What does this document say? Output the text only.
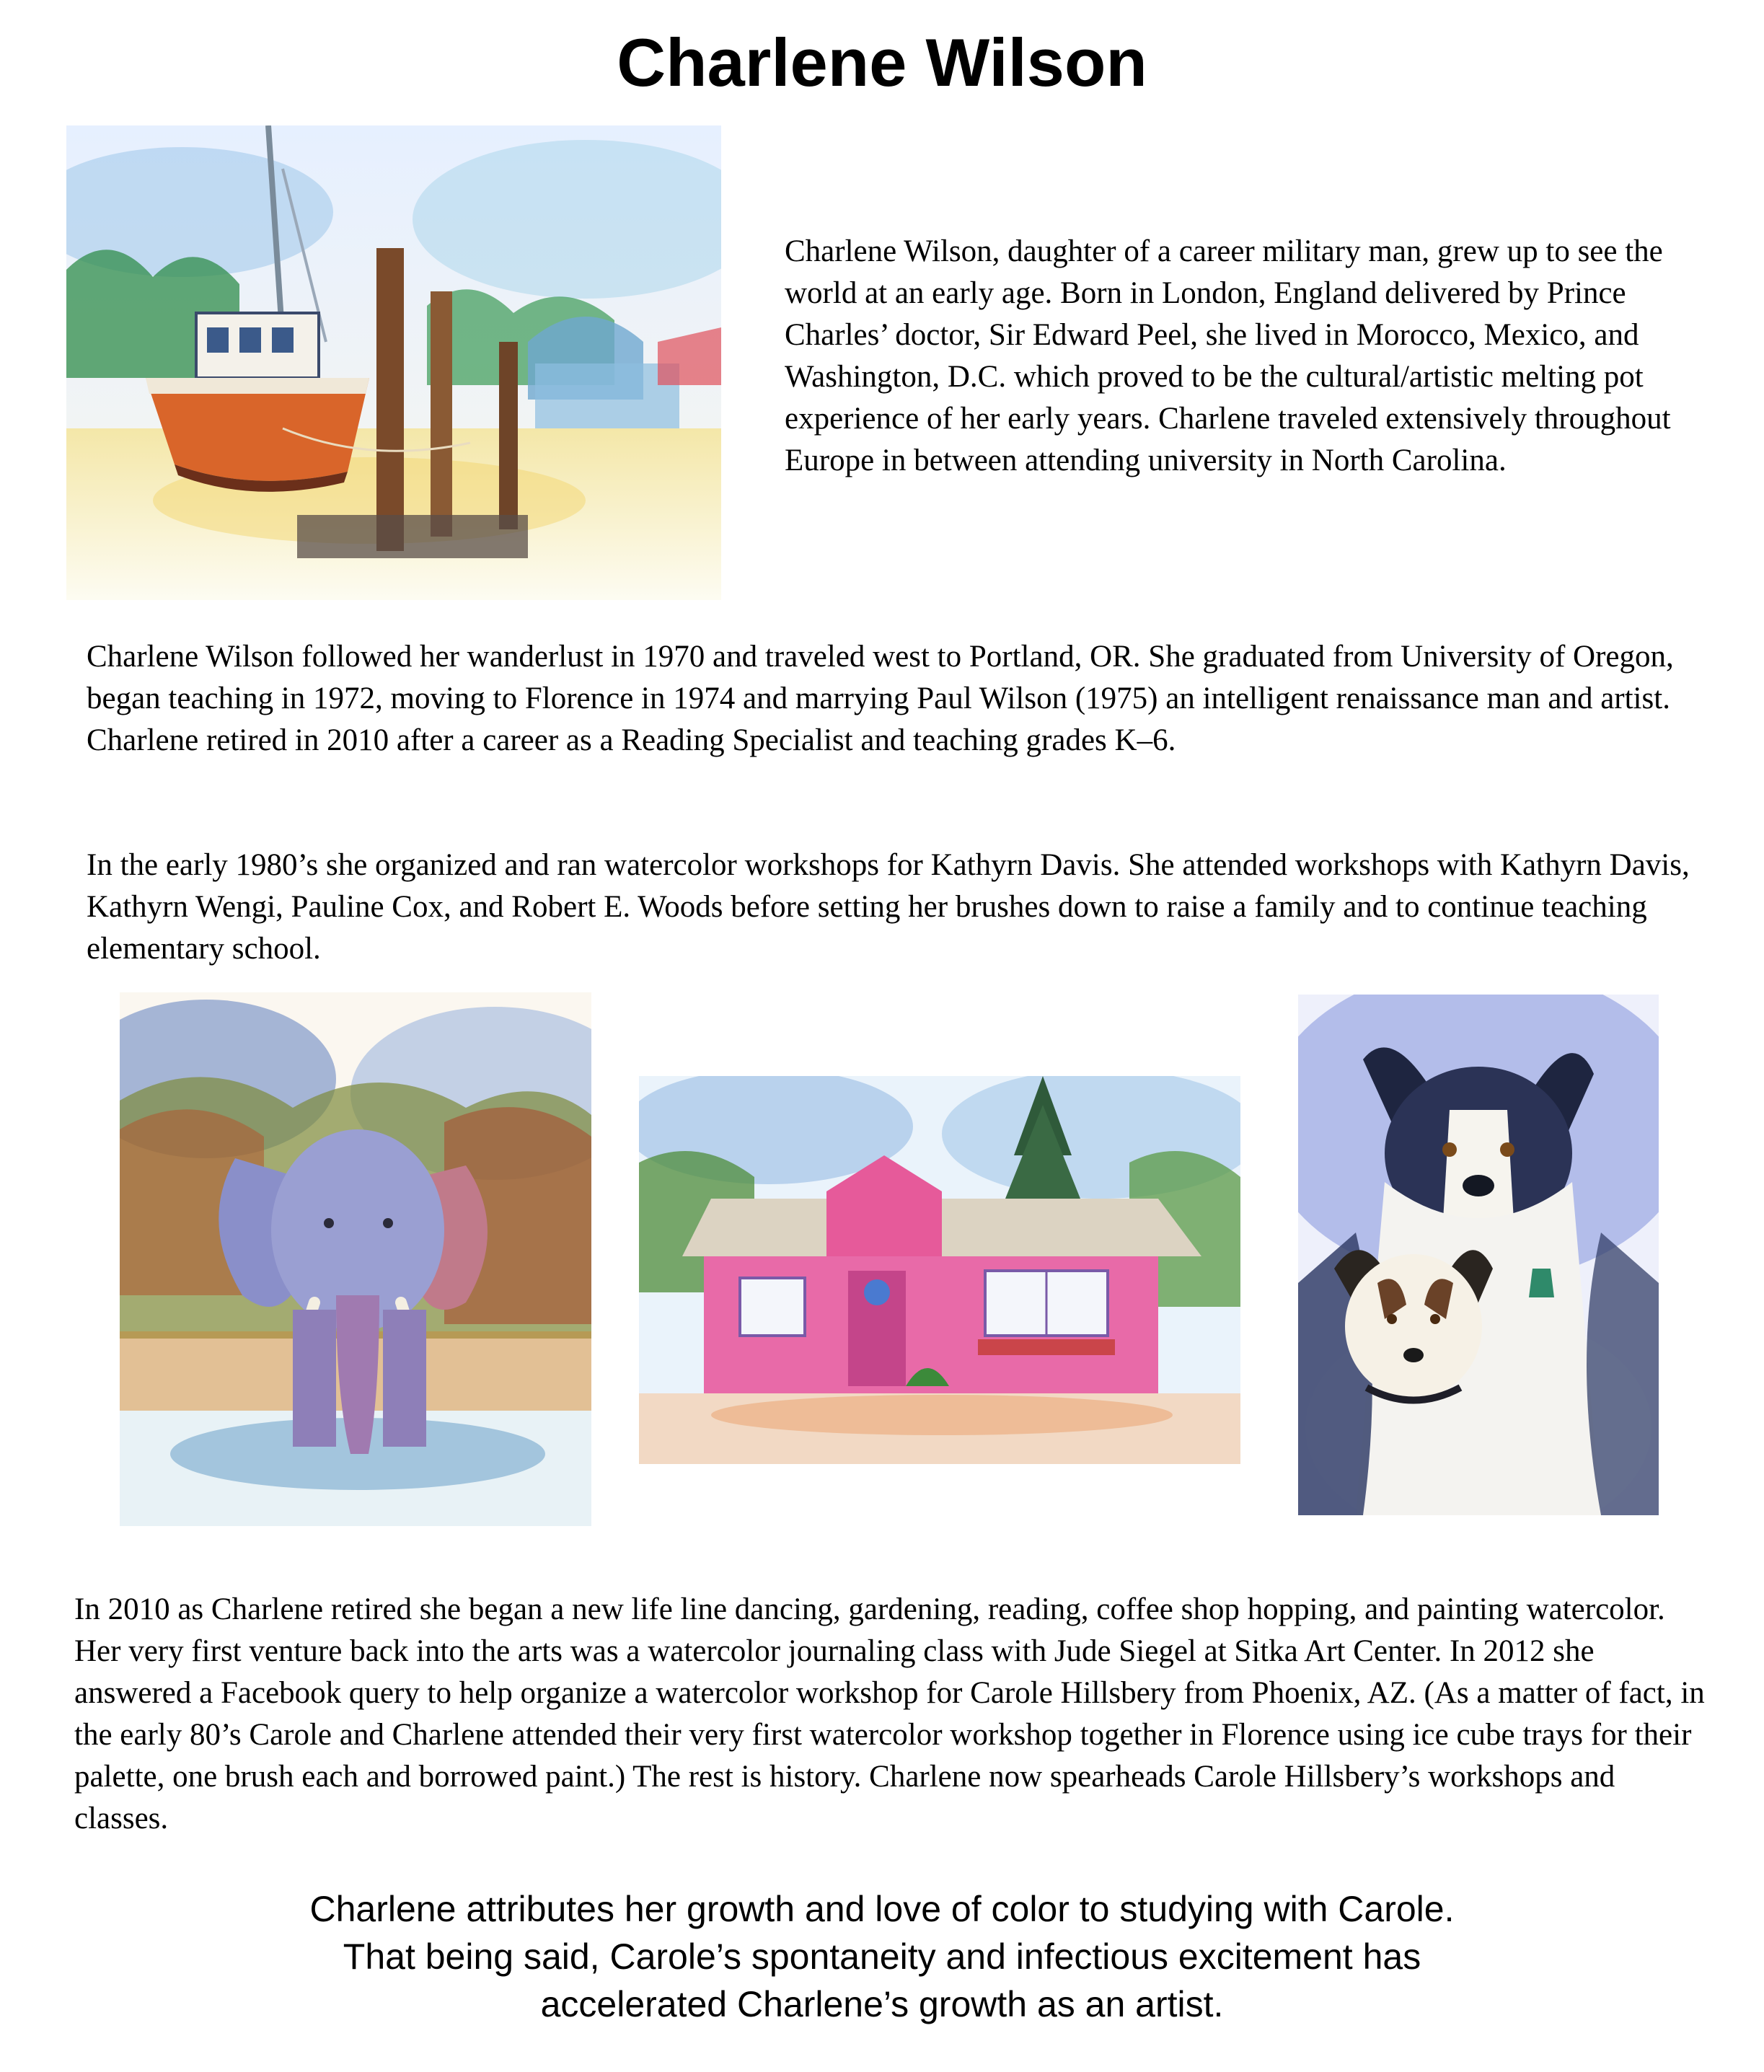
Charlene Wilson

Charlene Wilson, daughter of a career military man, grew up to see the world at an early age. Born in London, England delivered by Prince Charles’ doctor, Sir Edward Peel, she lived in Morocco, Mexico, and Washington, D.C. which proved to be the cultural/artistic melting pot experience of her early years. Charlene traveled extensively throughout Europe in between attending university in North Carolina.

Charlene Wilson followed her wanderlust in 1970 and traveled west to Portland, OR. She graduated from University of Oregon, began teaching in 1972, moving to Florence in 1974 and marrying Paul Wilson (1975) an intelligent renaissance man and artist. Charlene retired in 2010 after a career as a Reading Specialist and teaching grades K–6.

In the early 1980’s she organized and ran watercolor workshops for Kathyrn Davis. She attended workshops with Kathyrn Davis, Kathyrn Wengi, Pauline Cox, and Robert E. Woods before setting her brushes down to raise a family and to continue teaching elementary school.

In 2010 as Charlene retired she began a new life line dancing, gardening, reading, coffee shop hopping, and painting watercolor. Her very first venture back into the arts was a watercolor journaling class with Jude Siegel at Sitka Art Center. In 2012 she answered a Facebook query to help organize a watercolor workshop for Carole Hillsbery from Phoenix, AZ. (As a matter of fact, in the early 80’s Carole and Charlene attended their very first watercolor workshop together in Florence using ice cube trays for their palette, one brush each and borrowed paint.) The rest is history. Charlene now spearheads Carole Hillsbery’s workshops and classes.

Charlene attributes her growth and love of color to studying with Carole.

That being said, Carole’s spontaneity and infectious excitement has

accelerated Charlene’s growth as an artist.
